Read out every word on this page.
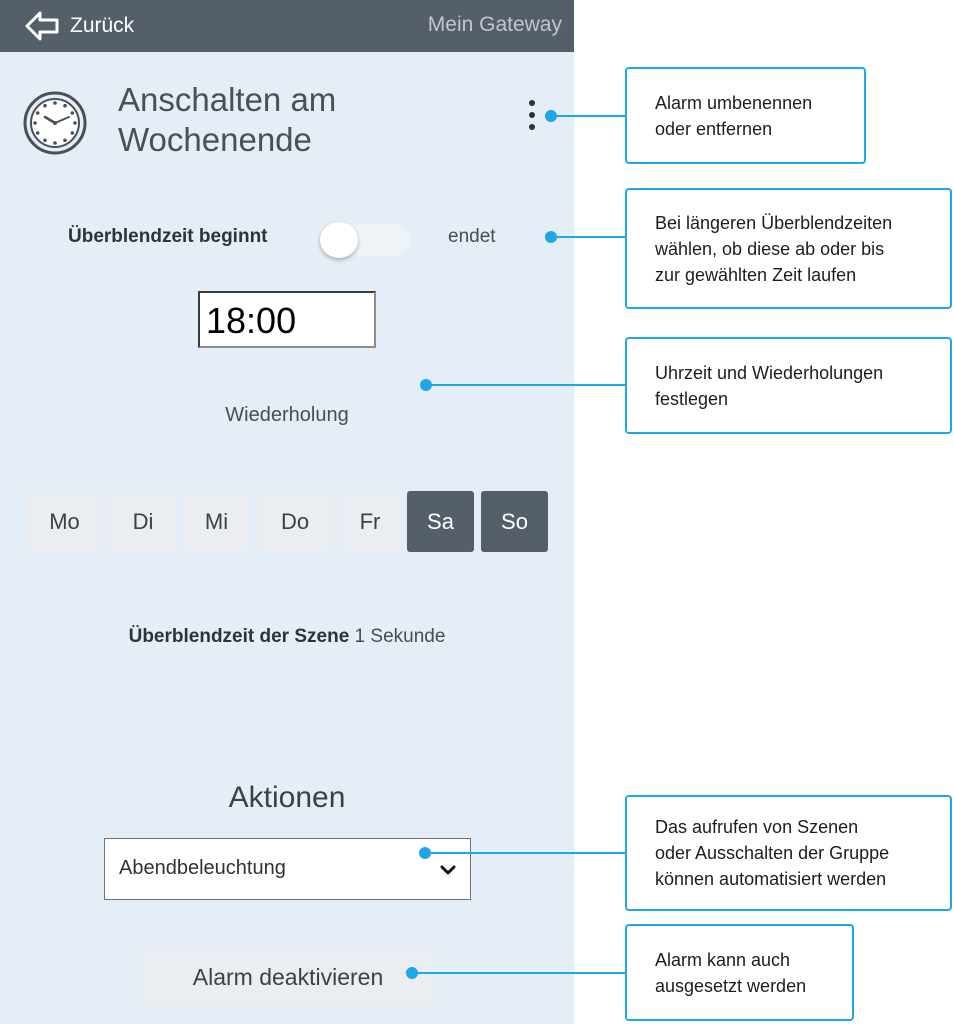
Zurück	Mein Gateway
Anschalten am
Wochenende
Überblendzeit beginnt	endet
18:00
Wiederholung
Mo	Di	Mi	Do	Fr	Sa	So
Überblendzeit der Szene 1 Sekunde
Aktionen
Abendbeleuchtung
Alarm deaktivieren
Alarm umbenennen
oder entfernen
Bei längeren Überblendzeiten
wählen, ob diese ab oder bis
zur gewählten Zeit laufen
Uhrzeit und Wiederholungen
festlegen
Das aufrufen von Szenen
oder Ausschalten der Gruppe
können automatisiert werden
Alarm kann auch
ausgesetzt werden
